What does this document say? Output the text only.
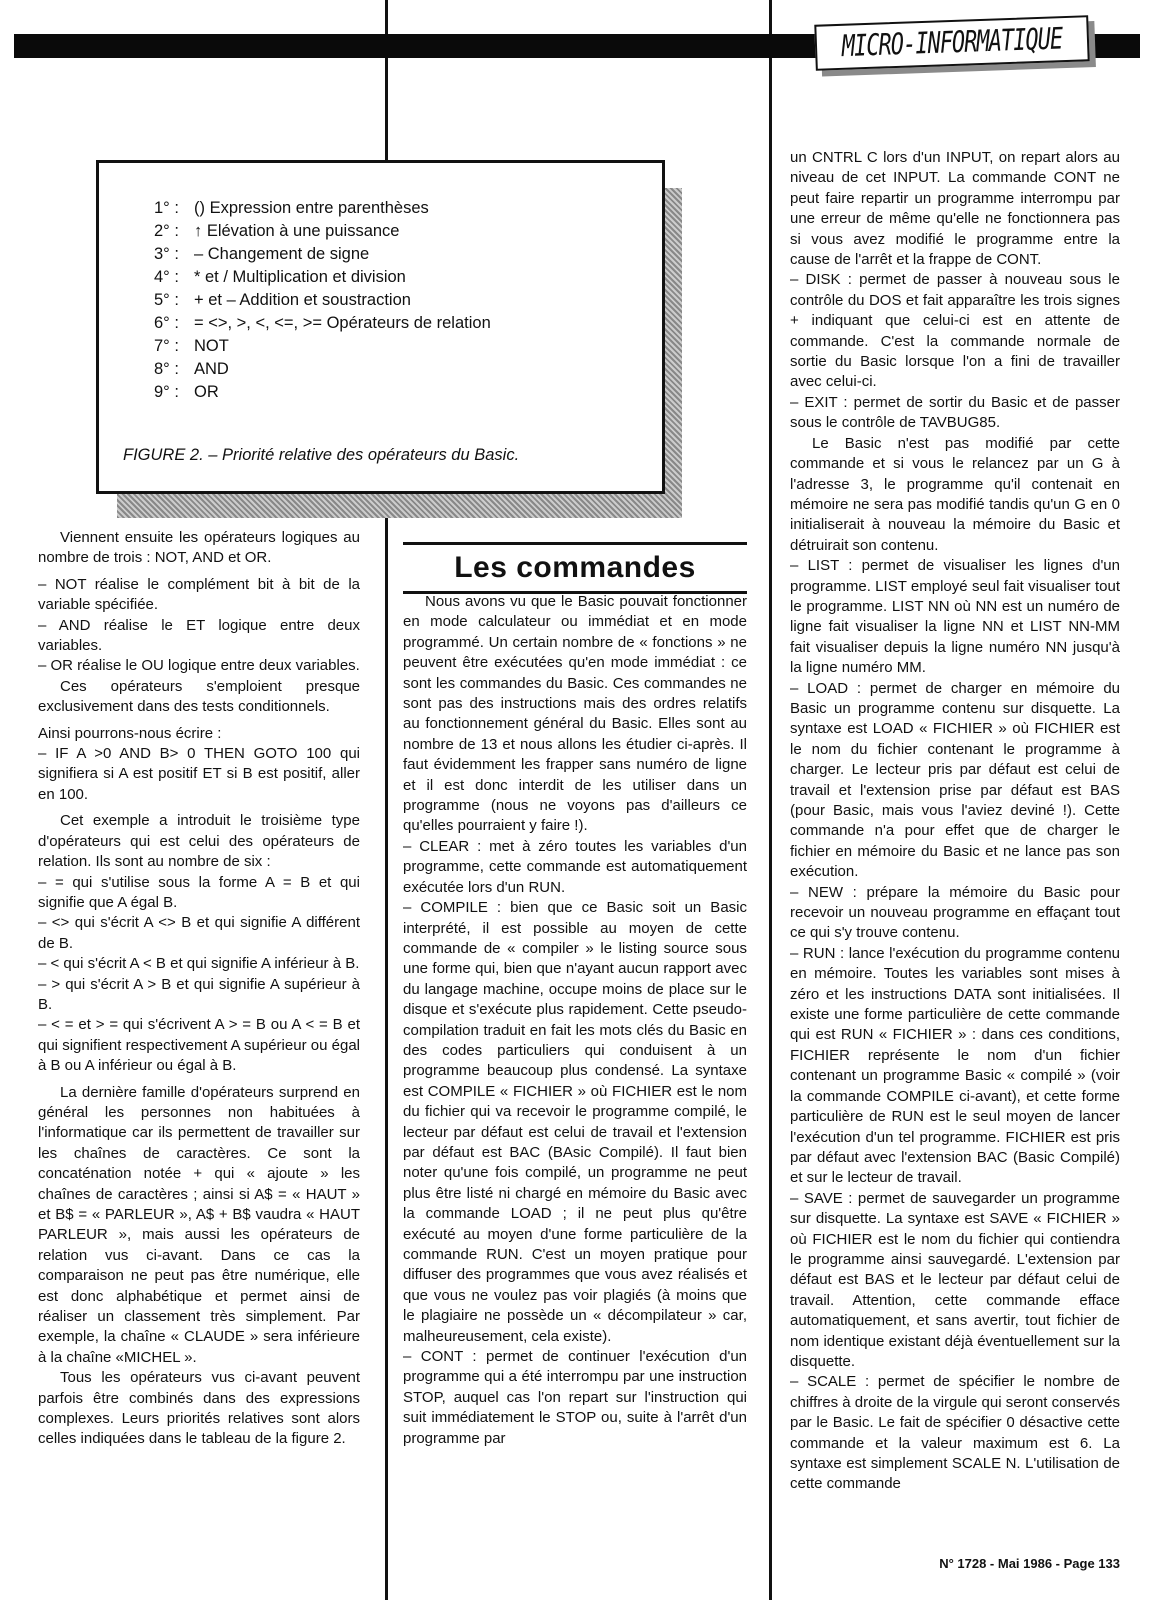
MICRO-INFORMATIQUE
1° : () Expression entre parenthèses
2° : ↑ Elévation à une puissance
3° : – Changement de signe
4° : * et / Multiplication et division
5° : + et – Addition et soustraction
6° : = <>, >, <, <=, >= Opérateurs de relation
7° : NOT
8° : AND
9° : OR
FIGURE 2. – Priorité relative des opérateurs du Basic.

Viennent ensuite les opérateurs logiques au nombre de trois : NOT, AND et OR.

– NOT réalise le complément bit à bit de la variable spécifiée.

– AND réalise le ET logique entre deux variables.

– OR réalise le OU logique entre deux variables.

Ces opérateurs s'emploient presque exclusivement dans des tests conditionnels.

Ainsi pourrons-nous écrire :

– IF A >0 AND B> 0 THEN GOTO 100 qui signifiera si A est positif ET si B est positif, aller en 100.

Cet exemple a introduit le troisième type d'opérateurs qui est celui des opérateurs de relation. Ils sont au nombre de six :

– = qui s'utilise sous la forme A = B et qui signifie que A égal B.

– <> qui s'écrit A <> B et qui signifie A différent de B.

– < qui s'écrit A < B et qui signifie A inférieur à B.

– > qui s'écrit A > B et qui signifie A supérieur à B.

– < = et > = qui s'écrivent A > = B ou A < = B et qui signifient respectivement A supérieur ou égal à B ou A inférieur ou égal à B.

La dernière famille d'opérateurs surprend en général les personnes non habituées à l'informatique car ils permettent de travailler sur les chaînes de caractères. Ce sont la concaténation notée + qui « ajoute » les chaînes de caractères ; ainsi si A$ = « HAUT » et B$ = « PARLEUR », A$ + B$ vaudra « HAUT PARLEUR », mais aussi les opérateurs de relation vus ci-avant. Dans ce cas la comparaison ne peut pas être numérique, elle est donc alphabétique et permet ainsi de réaliser un classement très simplement. Par exemple, la chaîne « CLAUDE » sera inférieure à la chaîne «MICHEL ».

Tous les opérateurs vus ci-avant peuvent parfois être combinés dans des expressions complexes. Leurs priorités relatives sont alors celles indiquées dans le tableau de la figure 2.

Les commandes

Nous avons vu que le Basic pouvait fonctionner en mode calculateur ou immédiat et en mode programmé. Un certain nombre de « fonctions » ne peuvent être exécutées qu'en mode immédiat : ce sont les commandes du Basic. Ces commandes ne sont pas des instructions mais des ordres relatifs au fonctionnement général du Basic. Elles sont au nombre de 13 et nous allons les étudier ci-après. Il faut évidemment les frapper sans numéro de ligne et il est donc interdit de les utiliser dans un programme (nous ne voyons pas d'ailleurs ce qu'elles pourraient y faire !).

– CLEAR : met à zéro toutes les variables d'un programme, cette commande est automatiquement exécutée lors d'un RUN.

– COMPILE : bien que ce Basic soit un Basic interprété, il est possible au moyen de cette commande de « compiler » le listing source sous une forme qui, bien que n'ayant aucun rapport avec du langage machine, occupe moins de place sur le disque et s'exécute plus rapidement. Cette pseudo-compilation traduit en fait les mots clés du Basic en des codes particuliers qui conduisent à un programme beaucoup plus condensé. La syntaxe est COMPILE « FICHIER » où FICHIER est le nom du fichier qui va recevoir le programme compilé, le lecteur par défaut est celui de travail et l'extension par défaut est BAC (BAsic Compilé). Il faut bien noter qu'une fois compilé, un programme ne peut plus être listé ni chargé en mémoire du Basic avec la commande LOAD ; il ne peut plus qu'être exécuté au moyen d'une forme particulière de la commande RUN. C'est un moyen pratique pour diffuser des programmes que vous avez réalisés et que vous ne voulez pas voir plagiés (à moins que le plagiaire ne possède un « décompilateur » car, malheureusement, cela existe).

– CONT : permet de continuer l'exécution d'un programme qui a été interrompu par une instruction STOP, auquel cas l'on repart sur l'instruction qui suit immédiatement le STOP ou, suite à l'arrêt d'un programme par

un CNTRL C lors d'un INPUT, on repart alors au niveau de cet INPUT. La commande CONT ne peut faire repartir un programme interrompu par une erreur de même qu'elle ne fonctionnera pas si vous avez modifié le programme entre la cause de l'arrêt et la frappe de CONT.

– DISK : permet de passer à nouveau sous le contrôle du DOS et fait apparaître les trois signes + indiquant que celui-ci est en attente de commande. C'est la commande normale de sortie du Basic lorsque l'on a fini de travailler avec celui-ci.

– EXIT : permet de sortir du Basic et de passer sous le contrôle de TAVBUG85.

Le Basic n'est pas modifié par cette commande et si vous le relancez par un G à l'adresse 3, le programme qu'il contenait en mémoire ne sera pas modifié tandis qu'un G en 0 initialiserait à nouveau la mémoire du Basic et détruirait son contenu.

– LIST : permet de visualiser les lignes d'un programme. LIST employé seul fait visualiser tout le programme. LIST NN où NN est un numéro de ligne fait visualiser la ligne NN et LIST NN-MM fait visualiser depuis la ligne numéro NN jusqu'à la ligne numéro MM.

– LOAD : permet de charger en mémoire du Basic un programme contenu sur disquette. La syntaxe est LOAD « FICHIER » où FICHIER est le nom du fichier contenant le programme à charger. Le lecteur pris par défaut est celui de travail et l'extension prise par défaut est BAS (pour Basic, mais vous l'aviez deviné !). Cette commande n'a pour effet que de charger le fichier en mémoire du Basic et ne lance pas son exécution.

– NEW : prépare la mémoire du Basic pour recevoir un nouveau programme en effaçant tout ce qui s'y trouve contenu.

– RUN : lance l'exécution du programme contenu en mémoire. Toutes les variables sont mises à zéro et les instructions DATA sont initialisées. Il existe une forme particulière de cette commande qui est RUN « FICHIER » : dans ces conditions, FICHIER représente le nom d'un fichier contenant un programme Basic « compilé » (voir la commande COMPILE ci-avant), et cette forme particulière de RUN est le seul moyen de lancer l'exécution d'un tel programme. FICHIER est pris par défaut avec l'extension BAC (Basic Compilé) et sur le lecteur de travail.

– SAVE : permet de sauvegarder un programme sur disquette. La syntaxe est SAVE « FICHIER » où FICHIER est le nom du fichier qui contiendra le programme ainsi sauvegardé. L'extension par défaut est BAS et le lecteur par défaut celui de travail. Attention, cette commande efface automatiquement, et sans avertir, tout fichier de nom identique existant déjà éventuellement sur la disquette.

– SCALE : permet de spécifier le nombre de chiffres à droite de la virgule qui seront conservés par le Basic. Le fait de spécifier 0 désactive cette commande et la valeur maximum est 6. La syntaxe est simplement SCALE N. L'utilisation de cette commande

N° 1728 - Mai 1986 - Page 133
